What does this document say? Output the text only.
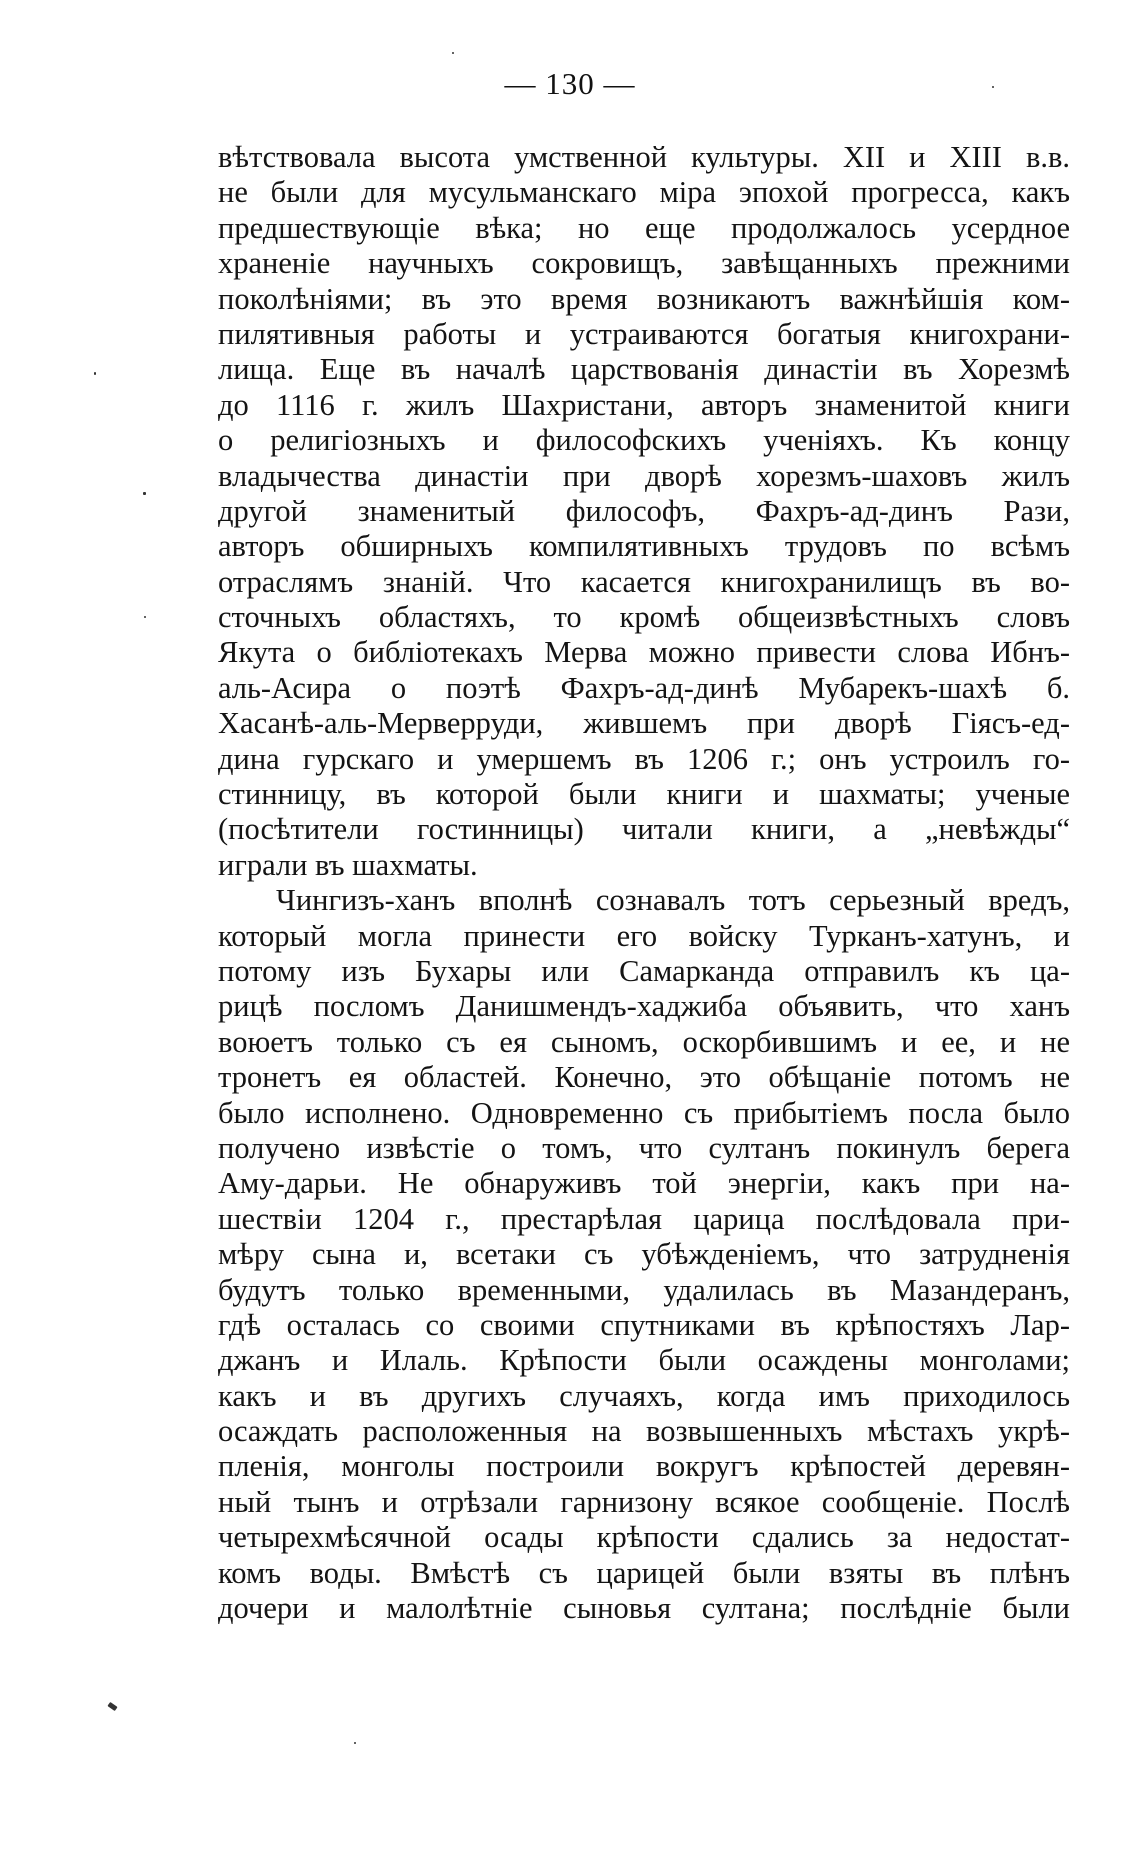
— 130 —
вѣтствовала высота умственной культуры. XII и XIII в.в.
не были для мусульманскаго міра эпохой прогресса, какъ
предшествующіе вѣка; но еще продолжалось усердное
храненіе научныхъ сокровищъ, завѣщанныхъ прежними
поколѣніями; въ это время возникаютъ важнѣйшія ком-
пилятивныя работы и устраиваются богатыя книгохрани-
лища. Еще въ началѣ царствованія династіи въ Хорезмѣ
до 1116 г. жилъ Шахристани, авторъ знаменитой книги
о религіозныхъ и философскихъ ученіяхъ. Къ концу
владычества династіи при дворѣ хорезмъ-шаховъ жилъ
другой знаменитый философъ, Фахръ-ад-динъ Рази,
авторъ обширныхъ компилятивныхъ трудовъ по всѣмъ
отраслямъ знаній. Что касается книгохранилищъ въ во-
сточныхъ областяхъ, то кромѣ общеизвѣстныхъ словъ
Якута о библіотекахъ Мерва можно привести слова Ибнъ-
аль-Асира о поэтѣ Фахръ-ад-динѣ Мубарекъ-шахѣ б.
Хасанѣ-аль-Мерверруди, жившемъ при дворѣ Гіясъ-ед-
дина гурскаго и умершемъ въ 1206 г.; онъ устроилъ го-
стинницу, въ которой были книги и шахматы; ученые
(посѣтители гостинницы) читали книги, а „невѣжды“
играли въ шахматы.
Чингизъ-ханъ вполнѣ сознавалъ тотъ серьезный вредъ,
который могла принести его войску Турканъ-хатунъ, и
потому изъ Бухары или Самарканда отправилъ къ ца-
рицѣ посломъ Данишмендъ-хаджиба объявить, что ханъ
воюетъ только съ ея сыномъ, оскорбившимъ и ее, и не
тронетъ ея областей. Конечно, это обѣщаніе потомъ не
было исполнено. Одновременно съ прибытіемъ посла было
получено извѣстіе о томъ, что султанъ покинулъ берега
Аму-дарьи. Не обнаруживъ той энергіи, какъ при на-
шествіи 1204 г., престарѣлая царица послѣдовала при-
мѣру сына и, всетаки съ убѣжденіемъ, что затрудненія
будутъ только временными, удалилась въ Мазандеранъ,
гдѣ осталась со своими спутниками въ крѣпостяхъ Лар-
джанъ и Илаль. Крѣпости были осаждены монголами;
какъ и въ другихъ случаяхъ, когда имъ приходилось
осаждать расположенныя на возвышенныхъ мѣстахъ укрѣ-
пленія, монголы построили вокругъ крѣпостей деревян-
ный тынъ и отрѣзали гарнизону всякое сообщеніе. Послѣ
четырехмѣсячной осады крѣпости сдались за недостат-
комъ воды. Вмѣстѣ съ царицей были взяты въ плѣнъ
дочери и малолѣтніе сыновья султана; послѣдніе были
